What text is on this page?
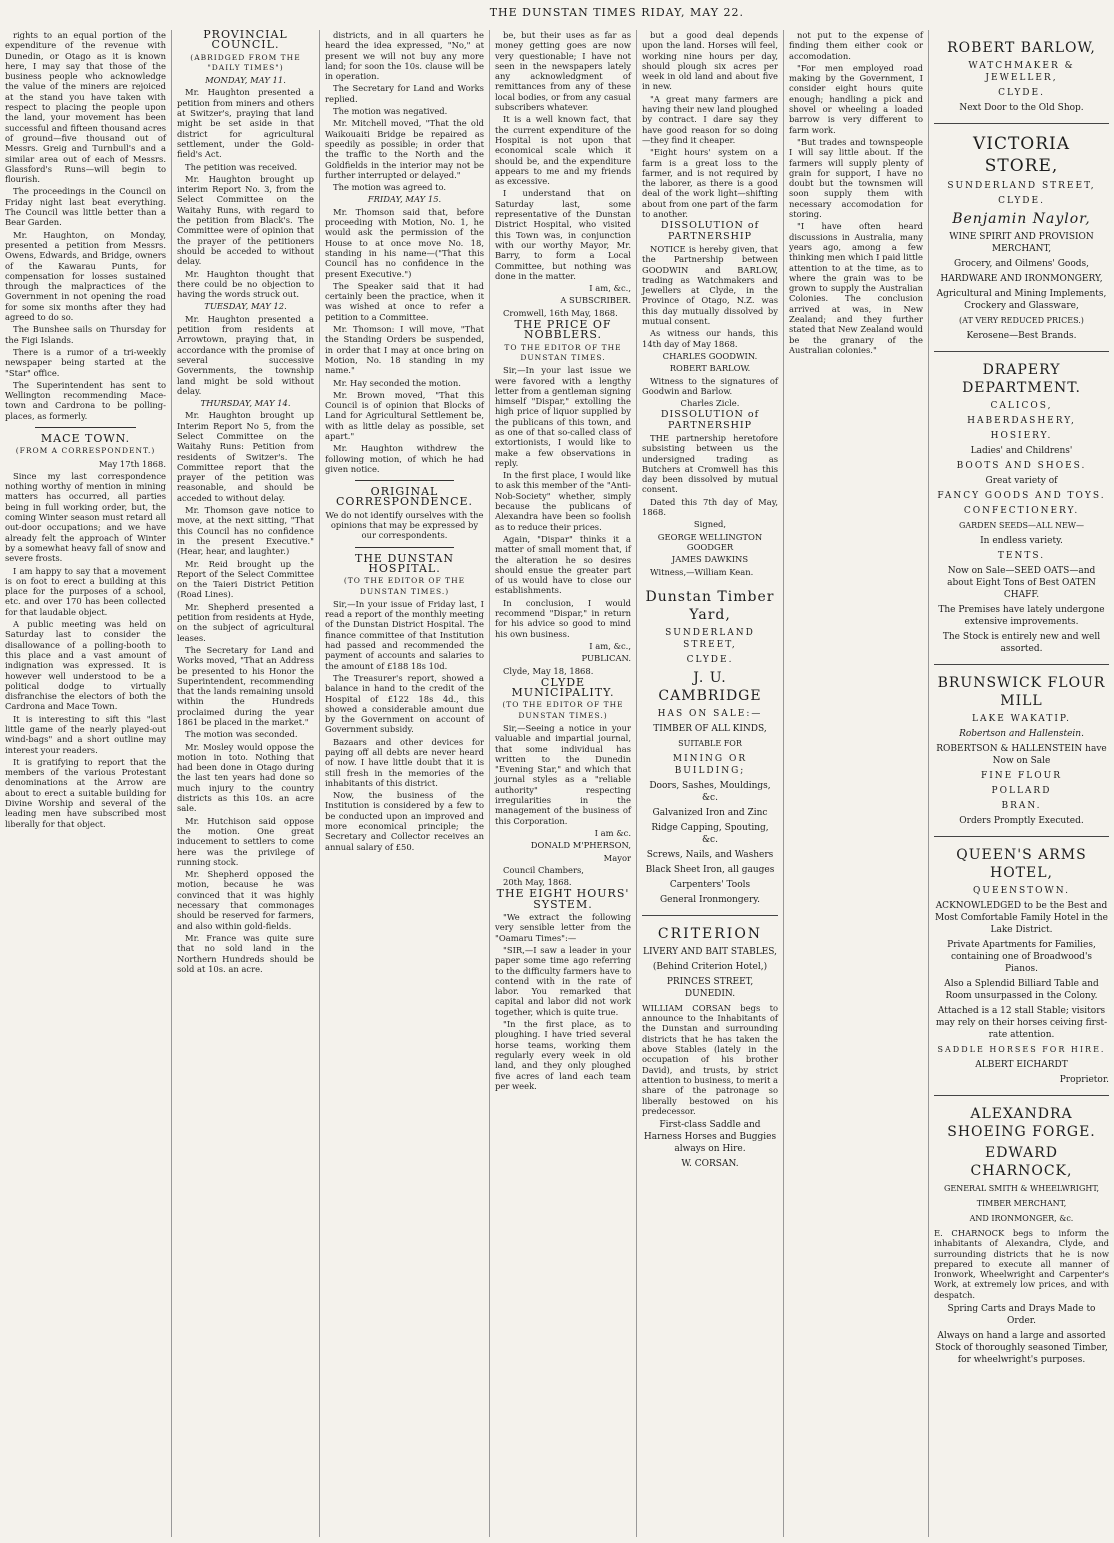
THE DUNSTAN TIMES RIDAY, MAY 22.

rights to an equal portion of the expenditure of the revenue with Dunedin, or Otago as it is known here, I may say that those of the business people who acknowledge the value of the miners are rejoiced at the stand you have taken with respect to placing the people upon the land, your movement has been successful and fifteen thousand acres of ground—five thousand out of Messrs. Greig and Turnbull's and a similar area out of each of Messrs. Glassford's Runs—will begin to flourish.

The proceedings in the Council on Friday night last beat everything. The Council was little better than a Bear Garden.

Mr. Haughton, on Monday, presented a petition from Messrs. Owens, Edwards, and Bridge, owners of the Kawarau Punts, for compensation for losses sustained through the malpractices of the Government in not opening the road for some six months after they had agreed to do so.

The Bunshee sails on Thursday for the Figi Islands.

There is a rumor of a tri-weekly newspaper being started at the "Star" office.

The Superintendent has sent to Wellington recommending Mace-town and Cardrona to be polling-places, as formerly.

MACE TOWN.

(FROM A CORRESPONDENT.)

May 17th 1868.

Since my last correspondence nothing worthy of mention in mining matters has occurred, all parties being in full working order, but, the coming Winter season must retard all out-door occupations; and we have already felt the approach of Winter by a somewhat heavy fall of snow and severe frosts.

I am happy to say that a movement is on foot to erect a building at this place for the purposes of a school, etc. and over 170 has been collected for that laudable object.

A public meeting was held on Saturday last to consider the disallowance of a polling-booth to this place and a vast amount of indignation was expressed. It is however well understood to be a political dodge to virtually disfranchise the electors of both the Cardrona and Mace Town.

It is interesting to sift this "last little game of the nearly played-out wind-bags" and a short outline may interest your readers.

It is gratifying to report that the members of the various Protestant denominations at the Arrow are about to erect a suitable building for Divine Worship and several of the leading men have subscribed most liberally for that object.

PROVINCIAL COUNCIL.

(ABRIDGED FROM THE "DAILY TIMES")

MONDAY, MAY 11.

Mr. Haughton presented a petition from miners and others at Switzer's, praying that land might be set aside in that district for agricultural settlement, under the Gold-field's Act.

The petition was received.

Mr. Haughton brought up interim Report No. 3, from the Select Committee on the Waitahy Runs, with regard to the petition from Black's. The Committee were of opinion that the prayer of the petitioners should be acceded to without delay.

Mr. Haughton thought that there could be no objection to having the words struck out.

TUESDAY, MAY 12.

Mr. Haughton presented a petition from residents at Arrowtown, praying that, in accordance with the promise of several successive Governments, the township land might be sold without delay.

THURSDAY, MAY 14.

Mr. Haughton brought up Interim Report No 5, from the Select Committee on the Waitahy Runs: Petition from residents of Switzer's. The Committee report that the prayer of the petition was reasonable, and should be acceded to without delay.

Mr. Thomson gave notice to move, at the next sitting, "That this Council has no confidence in the present Executive." (Hear, hear, and laughter.)

Mr. Reid brought up the Report of the Select Committee on the Taieri District Petition (Road Lines).

Mr. Shepherd presented a petition from residents at Hyde, on the subject of agricultural leases.

The Secretary for Land and Works moved, "That an Address be presented to his Honor the Superintendent, recommending that the lands remaining unsold within the Hundreds proclaimed during the year 1861 be placed in the market."

The motion was seconded.

Mr. Mosley would oppose the motion in toto. Nothing that had been done in Otago during the last ten years had done so much injury to the country districts as this 10s. an acre sale.

Mr. Hutchison said oppose the motion. One great inducement to settlers to come here was the privilege of running stock.

Mr. Shepherd opposed the motion, because he was convinced that it was highly necessary that commonages should be reserved for farmers, and also within gold-fields.

Mr. France was quite sure that no sold land in the Northern Hundreds should be sold at 10s. an acre.

districts, and in all quarters he heard the idea expressed, "No," at present we will not buy any more land; for soon the 10s. clause will be in operation.

The Secretary for Land and Works replied.

The motion was negatived.

Mr. Mitchell moved, "That the old Waikouaiti Bridge be repaired as speedily as possible; in order that the traffic to the North and the Goldfields in the interior may not be further interrupted or delayed."

The motion was agreed to.

FRIDAY, MAY 15.

Mr. Thomson said that, before proceeding with Motion, No. 1, he would ask the permission of the House to at once move No. 18, standing in his name—("That this Council has no confidence in the present Executive.")

The Speaker said that it had certainly been the practice, when it was wished at once to refer a petition to a Committee.

Mr. Thomson: I will move, "That the Standing Orders be suspended, in order that I may at once bring on Motion, No. 18 standing in my name."

Mr. Hay seconded the motion.

Mr. Brown moved, "That this Council is of opinion that Blocks of Land for Agricultural Settlement be, with as little delay as possible, set apart."

Mr. Haughton withdrew the following motion, of which he had given notice.

ORIGINAL CORRESPONDENCE.

We do not identify ourselves with the opinions that may be expressed by our correspondents.

THE DUNSTAN HOSPITAL.

(TO THE EDITOR OF THE DUNSTAN TIMES.)

Sir,—In your issue of Friday last, I read a report of the monthly meeting of the Dunstan District Hospital. The finance committee of that Institution had passed and recommended the payment of accounts and salaries to the amount of £188 18s 10d.

The Treasurer's report, showed a balance in hand to the credit of the Hospital of £122 18s 4d., this showed a considerable amount due by the Government on account of Government subsidy.

Bazaars and other devices for paying off all debts are never heard of now. I have little doubt that it is still fresh in the memories of the inhabitants of this district.

Now, the business of the Institution is considered by a few to be conducted upon an improved and more economical principle; the Secretary and Collector receives an annual salary of £50.

be, but their uses as far as money getting goes are now very questionable; I have not seen in the newspapers lately any acknowledgment of remittances from any of these local bodies, or from any casual subscribers whatever.

It is a well known fact, that the current expenditure of the Hospital is not upon that economical scale which it should be, and the expenditure appears to me and my friends as excessive.

I understand that on Saturday last, some representative of the Dunstan District Hospital, who visited this Town was, in conjunction with our worthy Mayor, Mr. Barry, to form a Local Committee, but nothing was done in the matter.

I am, &c.,

A SUBSCRIBER.

Cromwell, 16th May, 1868.

THE PRICE OF NOBBLERS.

TO THE EDITOR OF THE DUNSTAN TIMES.

Sir,—In your last issue we were favored with a lengthy letter from a gentleman signing himself "Dispar," extolling the high price of liquor supplied by the publicans of this town, and as one of that so-called class of extortionists, I would like to make a few observations in reply.

In the first place, I would like to ask this member of the "Anti-Nob-Society" whether, simply because the publicans of Alexandra have been so foolish as to reduce their prices.

Again, "Dispar" thinks it a matter of small moment that, if the alteration he so desires should ensue the greater part of us would have to close our establishments.

In conclusion, I would recommend "Dispar," in return for his advice so good to mind his own business.

I am, &c.,

PUBLICAN.

Clyde, May 18, 1868.

CLYDE MUNICIPALITY.

(TO THE EDITOR OF THE DUNSTAN TIMES.)

Sir,—Seeing a notice in your valuable and impartial journal, that some individual has written to the Dunedin "Evening Star," and which that journal styles as a "reliable authority" respecting irregularities in the management of the business of this Corporation.

I am &c.

DONALD M'PHERSON,

Mayor

Council Chambers,

20th May, 1868.

THE EIGHT HOURS' SYSTEM.

"We extract the following very sensible letter from the "Oamaru Times":—

"SIR,—I saw a leader in your paper some time ago referring to the difficulty farmers have to contend with in the rate of labor. You remarked that capital and labor did not work together, which is quite true.

"In the first place, as to ploughing. I have tried several horse teams, working them regularly every week in old land, and they only ploughed five acres of land each team per week.

but a good deal depends upon the land. Horses will feel, working nine hours per day, should plough six acres per week in old land and about five in new.

"A great many farmers are having their new land ploughed by contract. I dare say they have good reason for so doing—they find it cheaper.

"Eight hours' system on a farm is a great loss to the farmer, and is not required by the laborer, as there is a good deal of the work light—shifting about from one part of the farm to another.

DISSOLUTION of PARTNERSHIP

NOTICE is hereby given, that the Partnership between GOODWIN and BARLOW, trading as Watchmakers and Jewellers at Clyde, in the Province of Otago, N.Z. was this day mutually dissolved by mutual consent.

As witness our hands, this 14th day of May 1868.

CHARLES GOODWIN.

ROBERT BARLOW.

Witness to the signatures of Goodwin and Barlow.

Charles Zicle.

DISSOLUTION of PARTNERSHIP

THE partnership heretofore subsisting between us the undersigned trading as Butchers at Cromwell has this day been dissolved by mutual consent.

Dated this 7th day of May, 1868.

Signed,

GEORGE WELLINGTON GOODGER

JAMES DAWKINS

Witness,—William Kean.

Dunstan Timber Yard,

SUNDERLAND STREET,

CLYDE.

J. U. CAMBRIDGE

HAS ON SALE:—

TIMBER OF ALL KINDS,

SUITABLE FOR

MINING OR BUILDING;

Doors, Sashes, Mouldings, &c.

Galvanized Iron and Zinc

Ridge Capping, Spouting, &c.

Screws, Nails, and Washers

Black Sheet Iron, all gauges

Carpenters' Tools

General Ironmongery.

CRITERION

LIVERY AND BAIT STABLES,

(Behind Criterion Hotel,)

PRINCES STREET, DUNEDIN.

WILLIAM CORSAN begs to announce to the Inhabitants of the Dunstan and surrounding districts that he has taken the above Stables (lately in the occupation of his brother David), and trusts, by strict attention to business, to merit a share of the patronage so liberally bestowed on his predecessor.

First-class Saddle and Harness Horses and Buggies always on Hire.

W. CORSAN.

not put to the expense of finding them either cook or accomodation.

"For men employed road making by the Government, I consider eight hours quite enough; handling a pick and shovel or wheeling a loaded barrow is very different to farm work.

"But trades and townspeople I will say little about. If the farmers will supply plenty of grain for support, I have no doubt but the townsmen will soon supply them with necessary accomodation for storing.

"I have often heard discussions in Australia, many years ago, among a few thinking men which I paid little attention to at the time, as to where the grain was to be grown to supply the Australian Colonies. The conclusion arrived at was, in New Zealand; and they further stated that New Zealand would be the granary of the Australian colonies."

ROBERT BARLOW,

WATCHMAKER & JEWELLER,

CLYDE.

Next Door to the Old Shop.

VICTORIA STORE,

SUNDERLAND STREET,

CLYDE.

Benjamin Naylor,

WINE SPIRIT AND PROVISION MERCHANT,

Grocery, and Oilmens' Goods,

HARDWARE AND IRONMONGERY,

Agricultural and Mining Implements, Crockery and Glassware,

(AT VERY REDUCED PRICES.)

Kerosene—Best Brands.

DRAPERY DEPARTMENT.

CALICOS,

HABERDASHERY,

HOSIERY.

Ladies' and Childrens'

BOOTS AND SHOES.

Great variety of

FANCY GOODS AND TOYS.

CONFECTIONERY.

GARDEN SEEDS—ALL NEW—

In endless variety.

TENTS.

Now on Sale—SEED OATS—and about Eight Tons of Best OATEN CHAFF.

The Premises have lately undergone extensive improvements.

The Stock is entirely new and well assorted.

BRUNSWICK FLOUR MILL

LAKE WAKATIP.

Robertson and Hallenstein.

ROBERTSON & HALLENSTEIN have Now on Sale

FINE FLOUR

POLLARD

BRAN.

Orders Promptly Executed.

QUEEN'S ARMS HOTEL,

QUEENSTOWN.

ACKNOWLEDGED to be the Best and Most Comfortable Family Hotel in the Lake District.

Private Apartments for Families, containing one of Broadwood's Pianos.

Also a Splendid Billiard Table and Room unsurpassed in the Colony.

Attached is a 12 stall Stable; visitors may rely on their horses ceiving first-rate attention.

SADDLE HORSES FOR HIRE.

ALBERT EICHARDT

Proprietor.

ALEXANDRA SHOEING FORGE.

EDWARD CHARNOCK,

GENERAL SMITH & WHEELWRIGHT,

TIMBER MERCHANT,

AND IRONMONGER, &c.

E. CHARNOCK begs to inform the inhabitants of Alexandra, Clyde, and surrounding districts that he is now prepared to execute all manner of Ironwork, Wheelwright and Carpenter's Work, at extremely low prices, and with despatch.

Spring Carts and Drays Made to Order.

Always on hand a large and assorted Stock of thoroughly seasoned Timber, for wheelwright's purposes.
